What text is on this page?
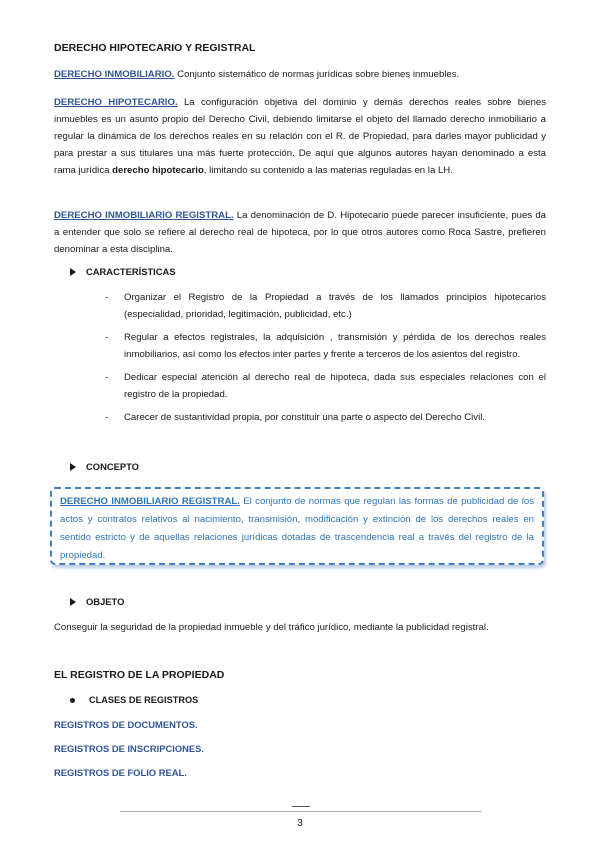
DERECHO HIPOTECARIO Y REGISTRAL
DERECHO INMOBILIARIO. Conjunto sistemático de normas jurídicas sobre bienes inmuebles.
DERECHO HIPOTECARIO. La configuración objetiva del dominio y demás derechos reales sobre bienes inmuebles es un asunto propio del Derecho Civil, debiendo limitarse el objeto del llamado derecho inmobiliario a regular la dinámica de los derechos reales en su relación con el R. de Propiedad, para darles mayor publicidad y para prestar a sus titulares una más fuerte protección. De aquí que algunos autores hayan denominado a esta rama jurídica derecho hipotecario, limitando su contenido a las materias reguladas en la LH.
DERECHO INMOBILIARIO REGISTRAL. La denominación de D. Hipotecario puede parecer insuficiente, pues da a entender que solo se refiere al derecho real de hipoteca, por lo que otros autores como Roca Sastre, prefieren denominar a esta disciplina.
CARACTERÍSTICAS
-	Organizar el Registro de la Propiedad a través de los llamados principios hipotecarios (especialidad, prioridad, legitimación, publicidad, etc.)
-	Regular a efectos registrales, la adquisición , transmisión y pérdida de los derechos reales inmobiliarios, así como los efectos inter partes y frente a terceros de los asientos del registro.
-	Dedicar especial atención al derecho real de hipoteca, dada sus especiales relaciones con el registro de la propiedad.
-	Carecer de sustantividad propia, por constituir una parte o aspecto del Derecho Civil.
CONCEPTO
DERECHO INMOBILIARIO REGISTRAL. El conjunto de normas que regulan las formas de publicidad de los actos y contratos relativos al nacimiento, transmisión, modificación y extinción de los derechos reales en sentido estricto y de aquellas relaciones jurídicas dotadas de trascendencia real a través del registro de la propiedad.
OBJETO
Conseguir la seguridad de la propiedad inmueble y del tráfico jurídico, mediante la publicidad registral.
EL REGISTRO DE LA PROPIEDAD
CLASES DE REGISTROS
REGISTROS DE DOCUMENTOS.
REGISTROS DE INSCRIPCIONES.
REGISTROS DE FOLIO REAL.
3
